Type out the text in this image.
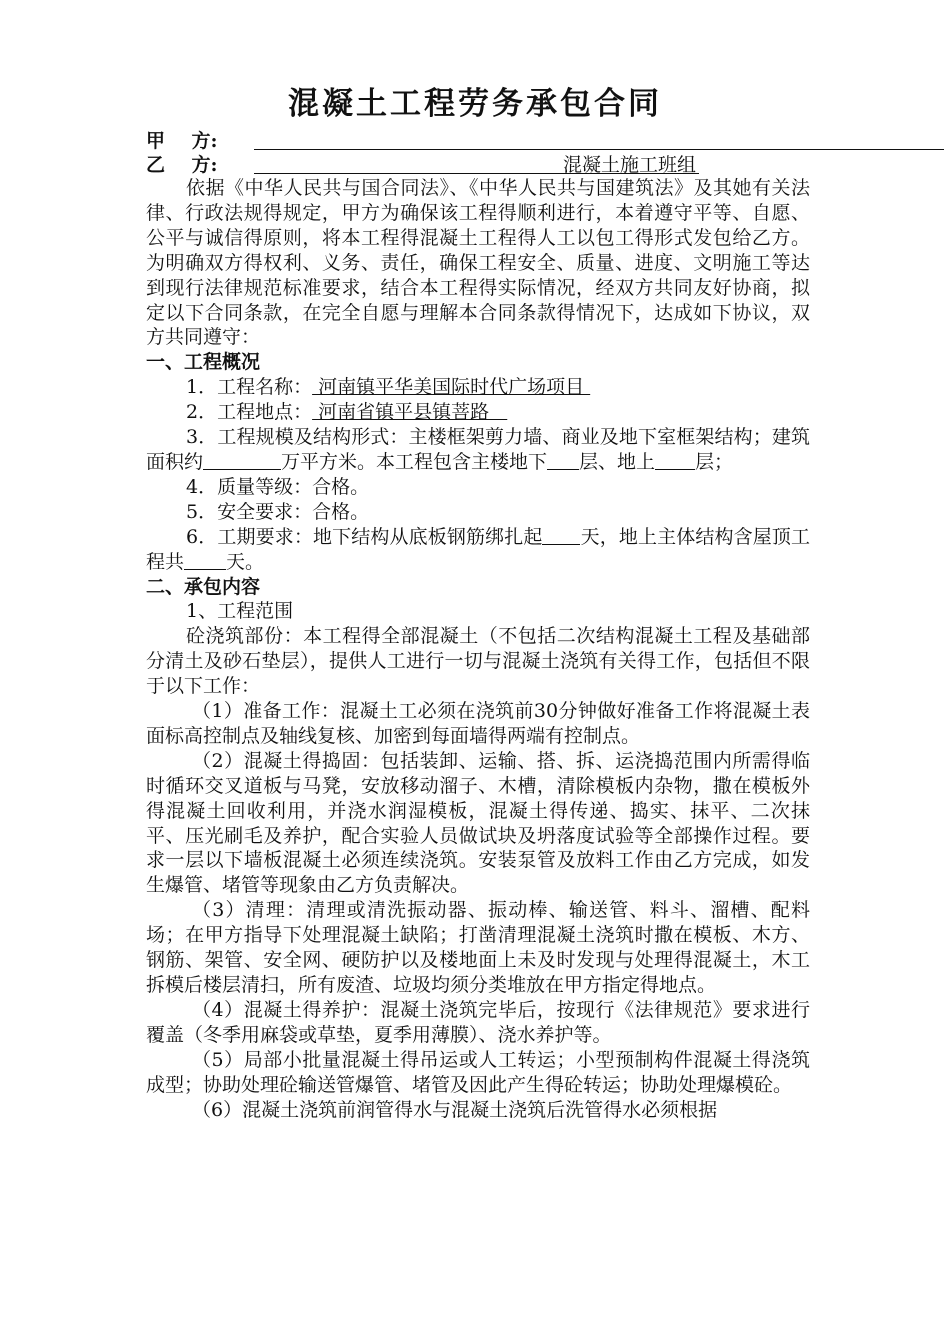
混凝土工程劳务承包合同
甲    方:
乙    方:	混凝土施工班组

依据《中华人民共与国合同法》、《中华人民共与国建筑法》及其她有关法律、行政法规得规定，甲方为确保该工程得顺利进行，本着遵守平等、自愿、公平与诚信得原则，将本工程得混凝土工程得人工以包工得形式发包给乙方。为明确双方得权利、义务、责任，确保工程安全、质量、进度、文明施工等达到现行法律规范标准要求，结合本工程得实际情况，经双方共同友好协商，拟定以下合同条款，在完全自愿与理解本合同条款得情况下，达成如下协议，双方共同遵守：

一、工程概况

1．工程名称： 河南镇平华美国际时代广场项目

2．工程地点： 河南省镇平县镇菩路

3．工程规模及结构形式：主楼框架剪力墙、商业及地下室框架结构；建筑面积约	万平方米。本工程包含主楼地下 层、地上 层；

4．质量等级：合格。

5．安全要求：合格。

6．工期要求：地下结构从底板钢筋绑扎起 天，地上主体结构含屋顶工程共 天。

二、承包内容

1、工程范围

砼浇筑部份：本工程得全部混凝土（不包括二次结构混凝土工程及基础部分清土及砂石垫层），提供人工进行一切与混凝土浇筑有关得工作，包括但不限于以下工作：

（1）准备工作：混凝土工必须在浇筑前30分钟做好准备工作将混凝土表面标高控制点及轴线复核、加密到每面墙得两端有控制点。

（2）混凝土得捣固：包括装卸、运输、搭、拆、运浇捣范围内所需得临时循环交叉道板与马凳，安放移动溜子、木槽，清除模板内杂物，撒在模板外得混凝土回收利用，并浇水润湿模板，混凝土得传递、捣实、抹平、二次抹平、压光刷毛及养护，配合实验人员做试块及坍落度试验等全部操作过程。要求一层以下墙板混凝土必须连续浇筑。安装泵管及放料工作由乙方完成，如发生爆管、堵管等现象由乙方负责解决。

（3）清理：清理或清洗振动器、振动棒、输送管、料斗、溜槽、配料场；在甲方指导下处理混凝土缺陷；打凿清理混凝土浇筑时撒在模板、木方、钢筋、架管、安全网、硬防护以及楼地面上未及时发现与处理得混凝土，木工拆模后楼层清扫，所有废渣、垃圾均须分类堆放在甲方指定得地点。

（4）混凝土得养护：混凝土浇筑完毕后，按现行《法律规范》要求进行覆盖（冬季用麻袋或草垫，夏季用薄膜）、浇水养护等。

（5）局部小批量混凝土得吊运或人工转运；小型预制构件混凝土得浇筑成型；协助处理砼输送管爆管、堵管及因此产生得砼转运；协助处理爆模砼。

（6）混凝土浇筑前润管得水与混凝土浇筑后洗管得水必须根据
